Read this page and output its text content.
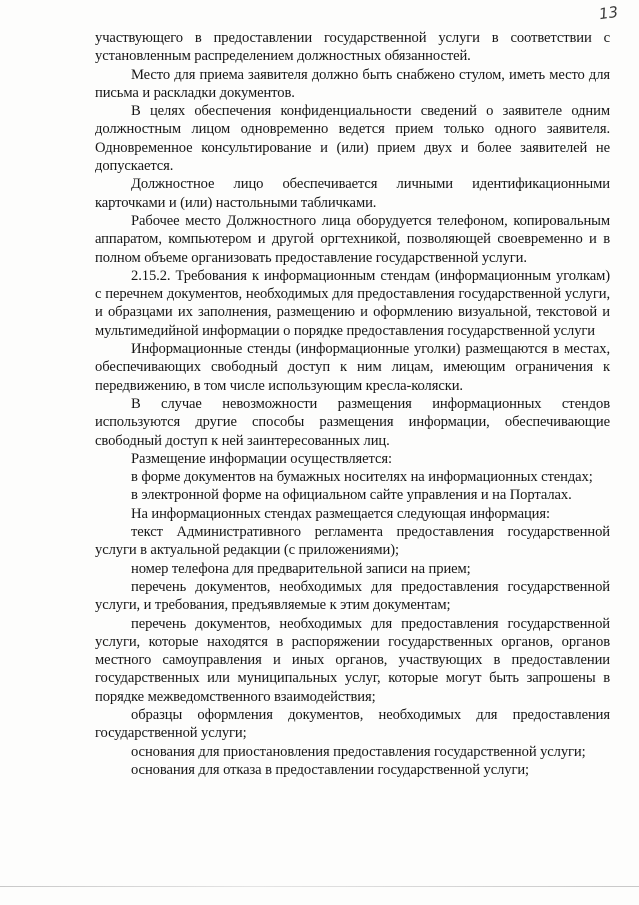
13

участвующего в предоставлении государственной услуги в соответствии с установленным распределением должностных обязанностей.

Место для приема заявителя должно быть снабжено стулом, иметь место для письма и раскладки документов.

В целях обеспечения конфиденциальности сведений о заявителе одним должностным лицом одновременно ведется прием только одного заявителя. Одновременное консультирование и (или) прием двух и более заявителей не допускается.

Должностное лицо обеспечивается личными идентификационными карточками и (или) настольными табличками.

Рабочее место Должностного лица оборудуется телефоном, копировальным аппаратом, компьютером и другой оргтехникой, позволяющей своевременно и в полном объеме организовать предоставление государственной услуги.

2.15.2. Требования к информационным стендам (информационным уголкам) с перечнем документов, необходимых для предоставления государственной услуги, и образцами их заполнения, размещению и оформлению визуальной, текстовой и мультимедийной информации о порядке предоставления государственной услуги

Информационные стенды (информационные уголки) размещаются в местах, обеспечивающих свободный доступ к ним лицам, имеющим ограничения к передвижению, в том числе использующим кресла-коляски.

В случае невозможности размещения информационных стендов используются другие способы размещения информации, обеспечивающие свободный доступ к ней заинтересованных лиц.

Размещение информации осуществляется:

в форме документов на бумажных носителях на информационных стендах;

в электронной форме на официальном сайте управления и на Порталах.

На информационных стендах размещается следующая информация:

текст Административного регламента предоставления государственной услуги в актуальной редакции (с приложениями);

номер телефона для предварительной записи на прием;

перечень документов, необходимых для предоставления государственной услуги, и требования, предъявляемые к этим документам;

перечень документов, необходимых для предоставления государственной услуги, которые находятся в распоряжении государственных органов, органов местного самоуправления и иных органов, участвующих в предоставлении государственных или муниципальных услуг, которые могут быть запрошены в порядке межведомственного взаимодействия;

образцы оформления документов, необходимых для предоставления государственной услуги;

основания для приостановления предоставления государственной услуги;

основания для отказа в предоставлении государственной услуги;
